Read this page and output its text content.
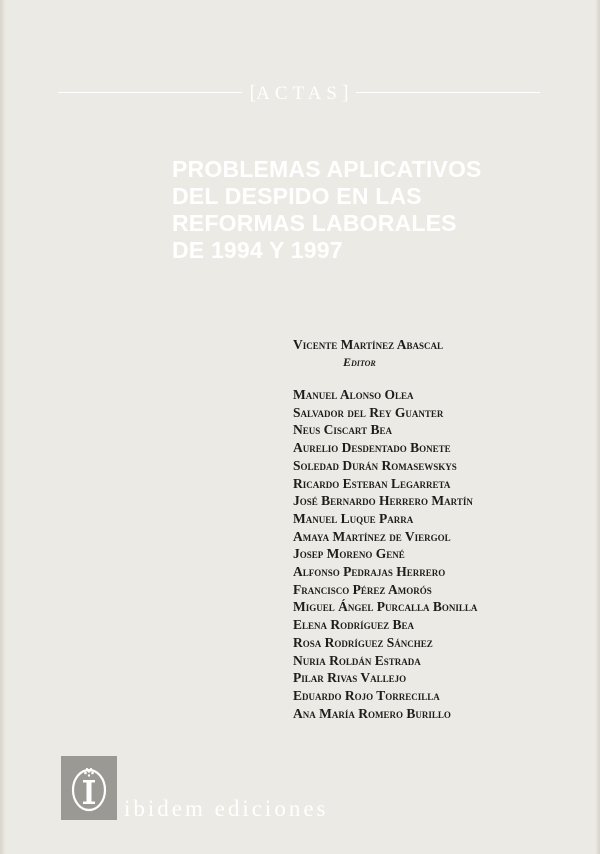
[ACTAS]
PROBLEMAS APLICATIVOS
DEL DESPIDO EN LAS
REFORMAS LABORALES
DE 1994 Y 1997
Vicente Martínez Abascal
Editor
Manuel Alonso Olea
Salvador del Rey Guanter
Neus Ciscart Bea
Aurelio Desdentado Bonete
Soledad Durán Romasewskys
Ricardo Esteban Legarreta
José Bernardo Herrero Martín
Manuel Luque Parra
Amaya Martínez de Viergol
Josep Moreno Gené
Alfonso Pedrajas Herrero
Francisco Pérez Amorós
Miguel Ángel Purcalla Bonilla
Elena Rodríguez Bea
Rosa Rodríguez Sánchez
Nuria Roldán Estrada
Pilar Rivas Vallejo
Eduardo Rojo Torrecilla
Ana María Romero Burillo
ibidem ediciones
